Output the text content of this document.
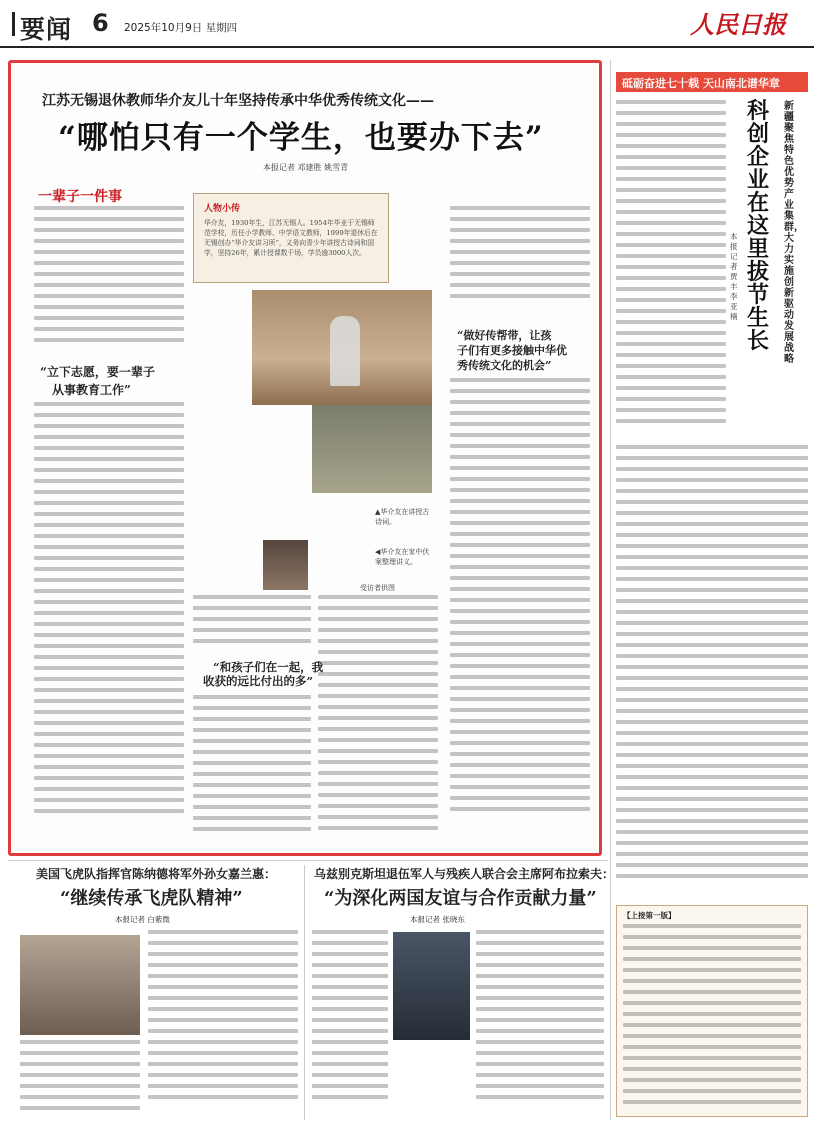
要闻 6 2025年10月9日 星期四	人民日报
江苏无锡退休教师华介友儿十年坚持传承中华优秀传统文化——
“哪怕只有一个学生，也要办下去”
本报记者 邓建胜 姚雪青
一辈子一件事
“立下志愿，要一辈子
从事教育工作”
人物小传
华介友，1930年生，江苏无锡人。1954年毕业于无锡师范学校，历任小学教师、中学语文教师，1999年退休后在无锡创办“华介友讲习所”，义务向青少年讲授古诗词和国学，坚持26年，累计授课数千场，学员逾3000人次。
▲华介友在讲授古诗词。
◀华介友在家中伏案整理讲义。
受访者供图
“做好传帮带，让孩
子们有更多接触中华优
秀传统文化的机会”
“和孩子们在一起，我
收获的远比付出的多”
砥砺奋进七十载 天山南北谱华章
科创企业在这里拔节生长
新疆聚焦特色优势产业集群，大力实施创新驱动发展战略
本报记者 贾 丰 李亚楠
【上接第一版】
美国飞虎队指挥官陈纳德将军外孙女嘉兰惠：
“继续传承飞虎队精神”
本报记者 白紫微
乌兹别克斯坦退伍军人与残疾人联合会主席阿布拉索夫：
“为深化两国友谊与合作贡献力量”
本报记者 张晓东
